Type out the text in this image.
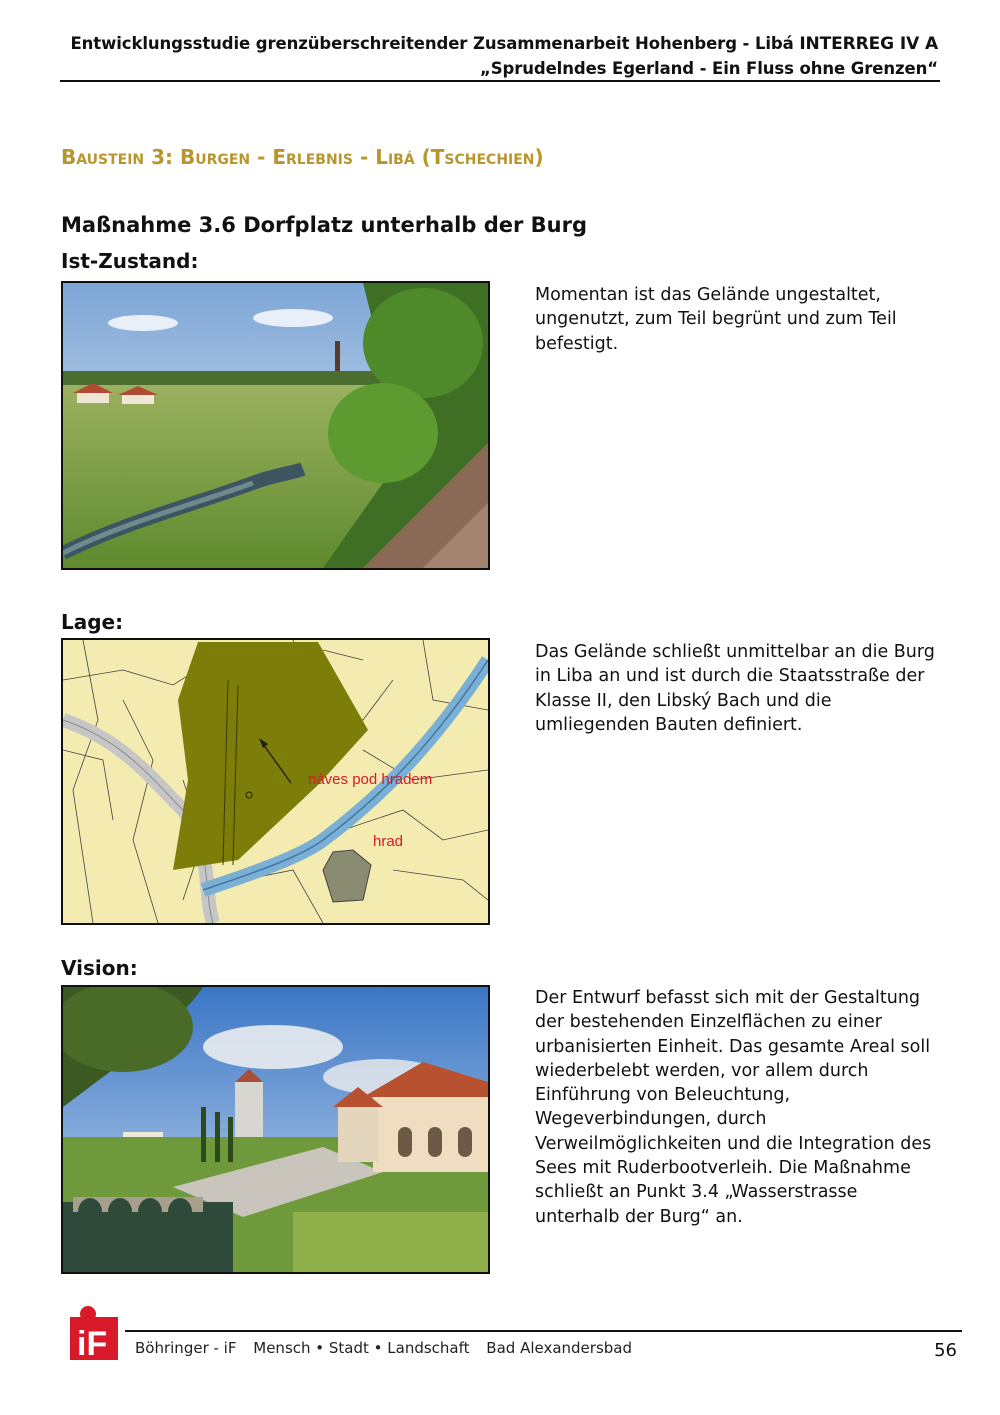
Entwicklungsstudie grenzüberschreitender Zusammenarbeit Hohenberg - Libá INTERREG IV A
„Sprudelndes Egerland - Ein Fluss ohne Grenzen“
Baustein 3: Burgen - Erlebnis - Libá (Tschechien)
Maßnahme 3.6 Dorfplatz unterhalb der Burg
Ist-Zustand:
Momentan ist das Gelände ungestaltet, ungenutzt, zum Teil begrünt und zum Teil befestigt.
Lage:
náves pod hradem
hrad
Das Gelände schließt unmittelbar an die Burg in Liba an und ist durch die Staatsstraße der Klasse II, den Libský Bach und die umliegenden Bauten definiert.
Vision:
Der Entwurf befasst sich mit der Gestaltung der bestehenden Einzelflächen zu einer urbanisierten Einheit. Das gesamte Areal soll wiederbelebt werden, vor allem durch Einführung von Beleuchtung, Wegeverbindungen, durch Verweilmöglichkeiten und die Integration des Sees mit Ruderbootverleih. Die Maßnahme schließt an Punkt 3.4 „Wasserstrasse unterhalb der Burg“ an.
iF Böhringer - iF Mensch • Stadt • Landschaft Bad Alexandersbad	56
